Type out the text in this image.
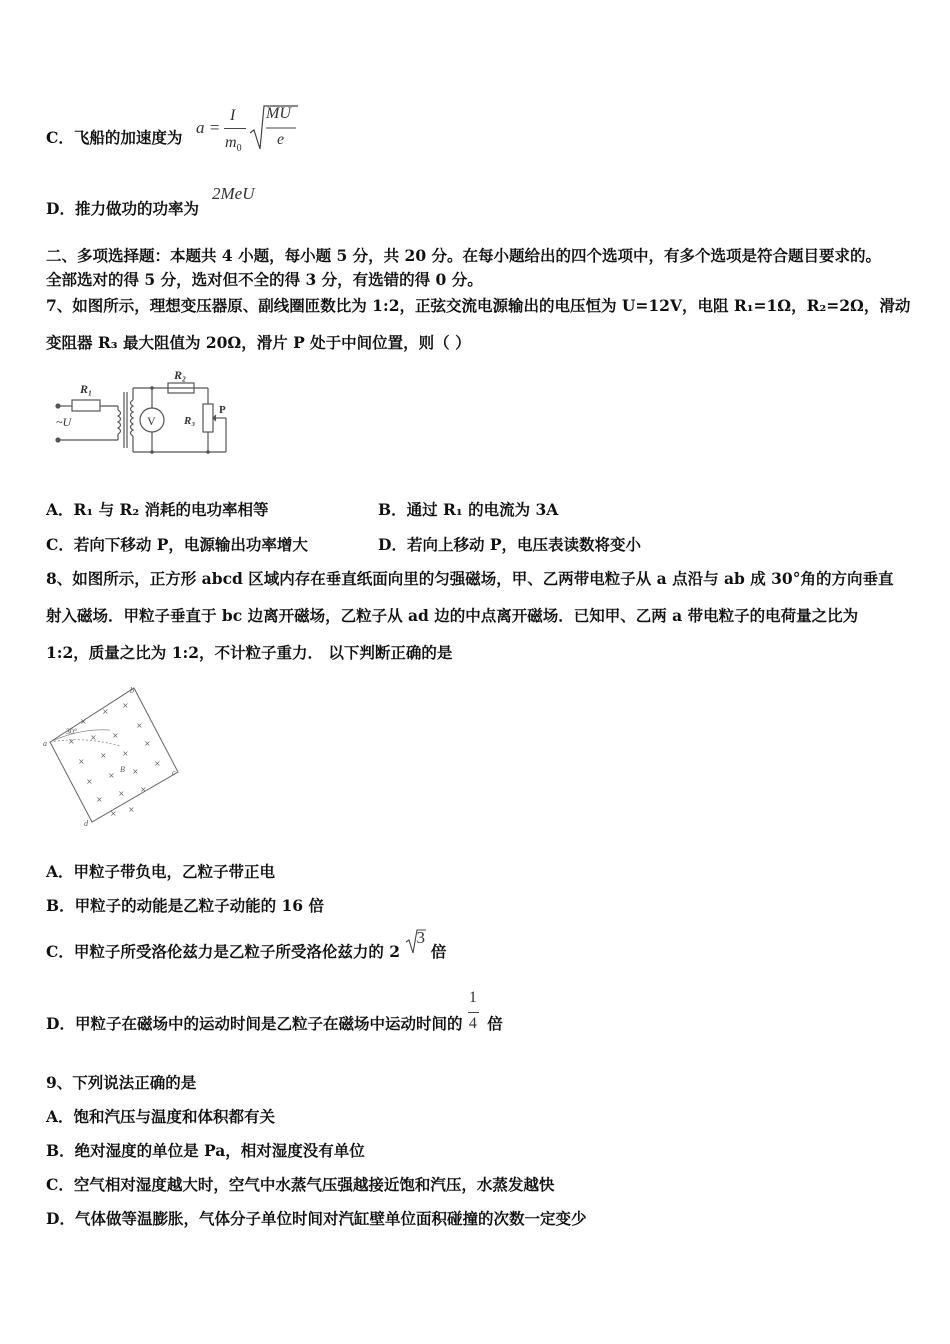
C．飞船的加速度为
a =
I
$m_0$
MU
e
D．推力做功的功率为
2MeU
二、多项选择题：本题共 4 小题，每小题 5 分，共 20 分。在每小题给出的四个选项中，有多个选项是符合题目要求的。
全部选对的得 5 分，选对但不全的得 3 分，有选错的得 0 分。
7、如图所示，理想变压器原、副线圈匝数比为 1:2，正弦交流电源输出的电压恒为 U=12V，电阻 R₁=1Ω，R₂=2Ω，滑动
变阻器 R₃ 最大阻值为 20Ω，滑片 P 处于中间位置，则（ ）
R₁
R₂
R₃
~U	V
P
A．R₁ 与 R₂ 消耗的电功率相等	B．通过 R₁ 的电流为 3A
C．若向下移动 P，电源输出功率增大	D．若向上移动 P，电压表读数将变小
8、如图所示，正方形 abcd 区域内存在垂直纸面向里的匀强磁场，甲、乙两带电粒子从 a 点沿与 ab 成 30°角的方向垂直
射入磁场．甲粒子垂直于 bc 边离开磁场，乙粒子从 ad 边的中点离开磁场．已知甲、乙两 a 带电粒子的电荷量之比为
1:2，质量之比为 1:2，不计粒子重力． 以下判断正确的是
×
×
×
× × ×
×
×
× ×
×
×
× ×
×
×
× ×
× ×
a
b
c
d
30°
B
A．甲粒子带负电，乙粒子带正电
B．甲粒子的动能是乙粒子动能的 16 倍
C．甲粒子所受洛伦兹力是乙粒子所受洛伦兹力的 2
3
倍
D．甲粒子在磁场中的运动时间是乙粒子在磁场中运动时间的 $\frac{1}{4}$ 倍
9、下列说法正确的是
A．饱和汽压与温度和体积都有关
B．绝对湿度的单位是 Pa，相对湿度没有单位
C．空气相对湿度越大时，空气中水蒸气压强越接近饱和汽压，水蒸发越快
D．气体做等温膨胀，气体分子单位时间对汽缸壁单位面积碰撞的次数一定变少
